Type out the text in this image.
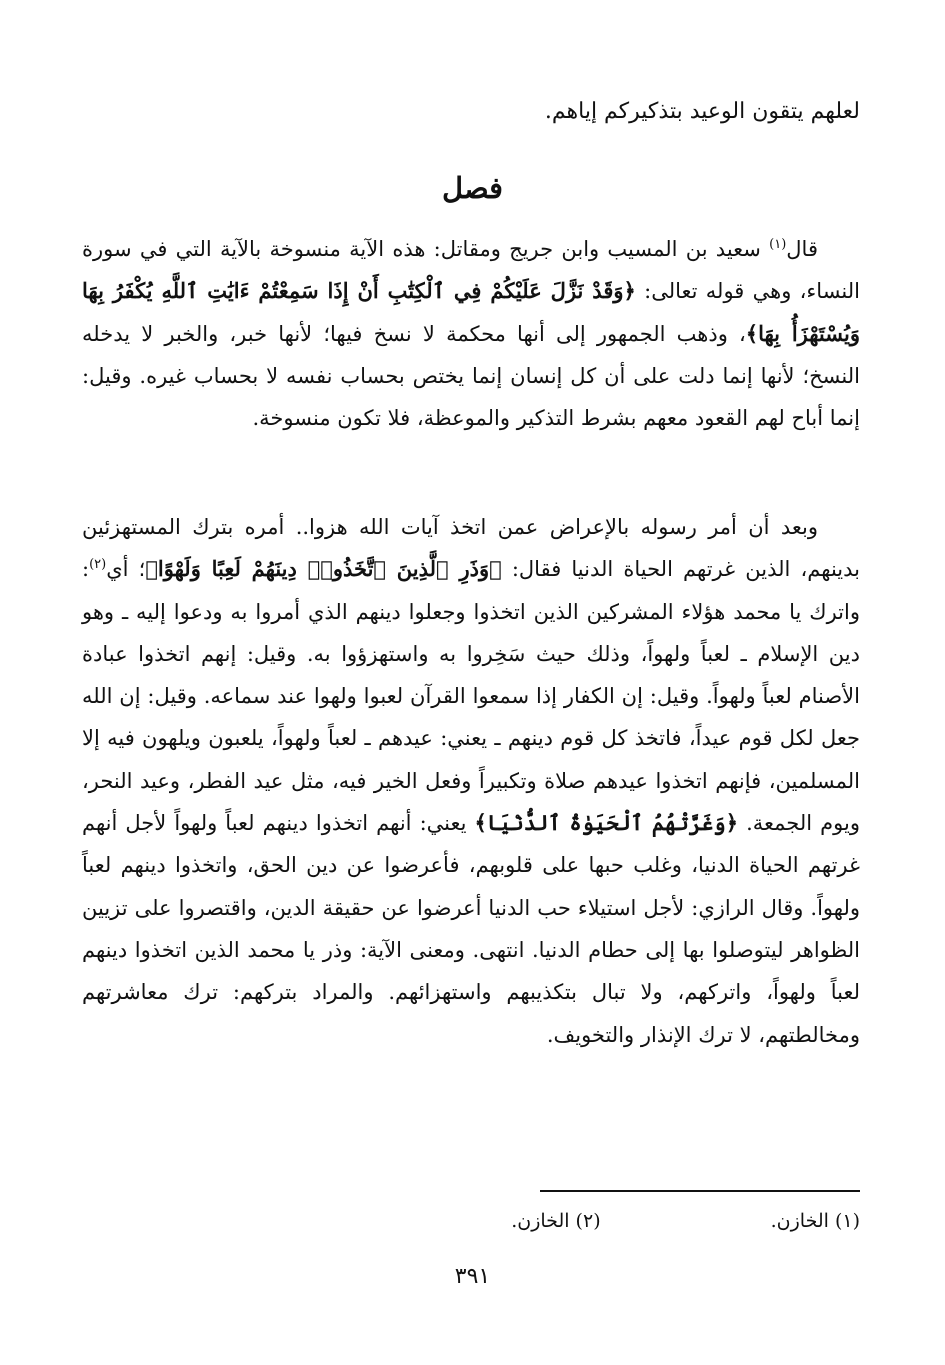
لعلهم يتقون الوعيد بتذكيركم إياهم.

فصل

قال$^{(١)}$ سعيد بن المسيب وابن جريج ومقاتل: هذه الآية منسوخة بالآية التي في سورة النساء، وهي قوله تعالى: ﴿وَقَدْ نَزَّلَ عَلَيْكُمْ فِي ٱلْكِتَٰبِ أَنْ إِذَا سَمِعْتُمْ ءَايَٰتِ ٱللَّهِ يُكْفَرُ بِهَا وَيُسْتَهْزَأُ بِهَا﴾، وذهب الجمهور إلى أنها محكمة لا نسخ فيها؛ لأنها خبر، والخبر لا يدخله النسخ؛ لأنها إنما دلت على أن كل إنسان إنما يختص بحساب نفسه لا بحساب غيره. وقيل: إنما أباح لهم القعود معهم بشرط التذكير والموعظة، فلا تكون منسوخة.

وبعد أن أمر رسوله بالإعراض عمن اتخذ آيات الله هزوا.. أمره بترك المستهزئين بدينهم، الذين غرتهم الحياة الدنيا فقال: ﴿وَذَرِ ٱلَّذِينَ ٱتَّخَذُوا۟ دِينَهُمْ لَعِبًا وَلَهْوًا﴾؛ أي$^{(٢)}$: واترك يا محمد هؤلاء المشركين الذين اتخذوا وجعلوا دينهم الذي أمروا به ودعوا إليه ـ وهو دين الإسلام ـ لعباً ولهواً، وذلك حيث سَخِروا به واستهزؤوا به. وقيل: إنهم اتخذوا عبادة الأصنام لعباً ولهواً. وقيل: إن الكفار إذا سمعوا القرآن لعبوا ولهوا عند سماعه. وقيل: إن الله جعل لكل قوم عيداً، فاتخذ كل قوم دينهم ـ يعني: عيدهم ـ لعباً ولهواً، يلعبون ويلهون فيه إلا المسلمين، فإنهم اتخذوا عيدهم صلاة وتكبيراً وفعل الخير فيه، مثل عيد الفطر، وعيد النحر، ويوم الجمعة. ﴿وَغَرَّتْهُمُ ٱلْحَيَوٰةُ ٱلدُّنْيَا﴾ يعني: أنهم اتخذوا دينهم لعباً ولهواً لأجل أنهم غرتهم الحياة الدنيا، وغلب حبها على قلوبهم، فأعرضوا عن دين الحق، واتخذوا دينهم لعباً ولهواً. وقال الرازي: لأجل استيلاء حب الدنيا أعرضوا عن حقيقة الدين، واقتصروا على تزيين الظواهر ليتوصلوا بها إلى حطام الدنيا. انتهى. ومعنى الآية: وذر يا محمد الذين اتخذوا دينهم لعباً ولهواً، واتركهم، ولا تبال بتكذيبهم واستهزائهم. والمراد بتركهم: ترك معاشرتهم ومخالطتهم، لا ترك الإنذار والتخويف.

(١) الخازن.(٢) الخازن.
٣٩١
